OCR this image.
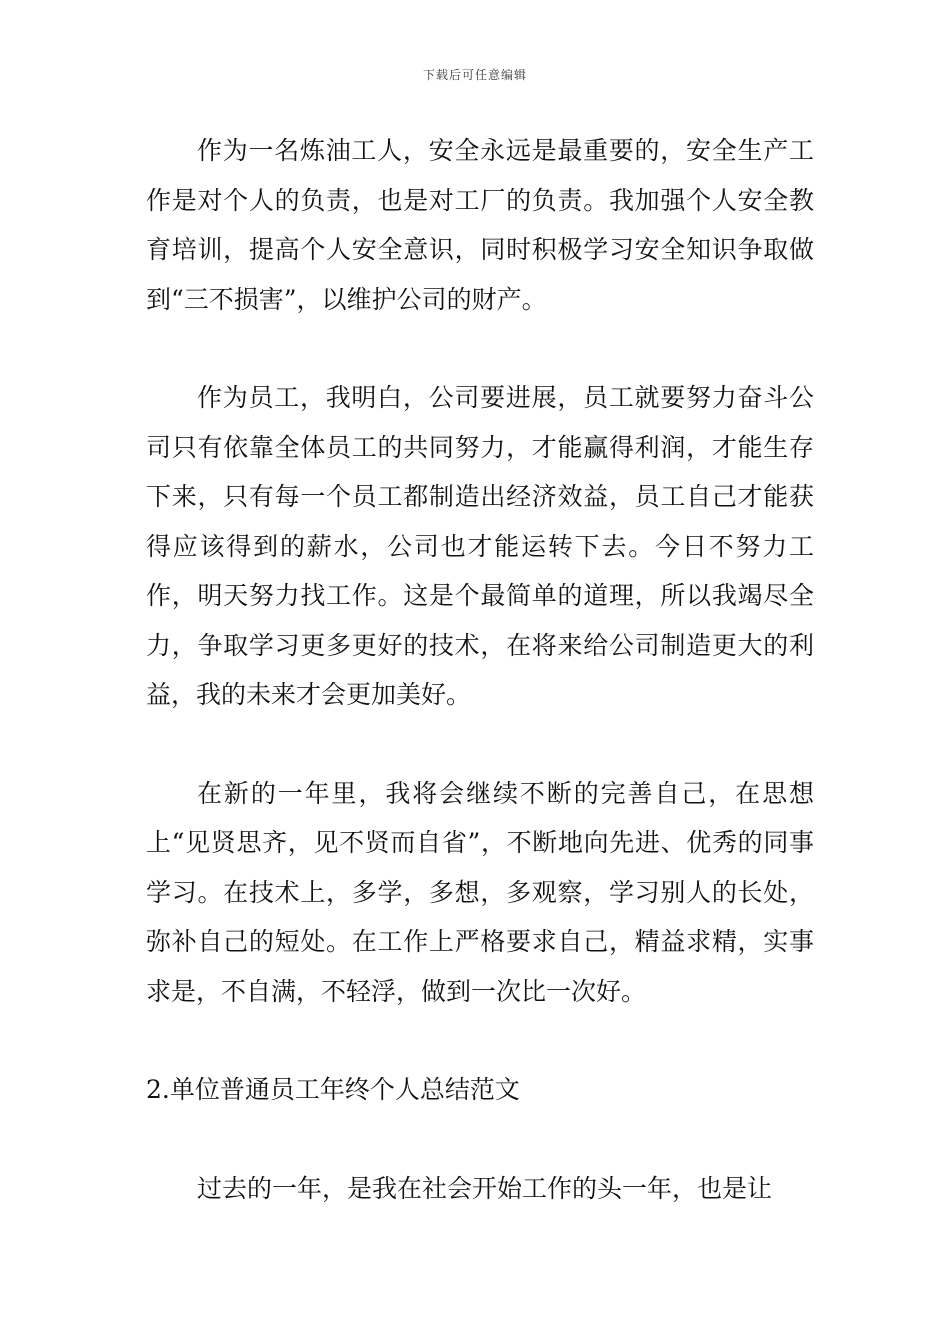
下载后可任意编辑

作为一名炼油工人，安全永远是最重要的，安全生产工作是对个人的负责，也是对工厂的负责。我加强个人安全教育培训，提高个人安全意识，同时积极学习安全知识争取做到“三不损害”，以维护公司的财产。

作为员工，我明白，公司要进展，员工就要努力奋斗公司只有依靠全体员工的共同努力，才能赢得利润，才能生存下来，只有每一个员工都制造出经济效益，员工自己才能获得应该得到的薪水，公司也才能运转下去。今日不努力工作，明天努力找工作。这是个最简单的道理，所以我竭尽全力，争取学习更多更好的技术，在将来给公司制造更大的利益，我的未来才会更加美好。

在新的一年里，我将会继续不断的完善自己，在思想上“见贤思齐，见不贤而自省”，不断地向先进、优秀的同事学习。在技术上，多学，多想，多观察，学习别人的长处，弥补自己的短处。在工作上严格要求自己，精益求精，实事求是，不自满，不轻浮，做到一次比一次好。

2.单位普通员工年终个人总结范文

过去的一年，是我在社会开始工作的头一年，也是让
